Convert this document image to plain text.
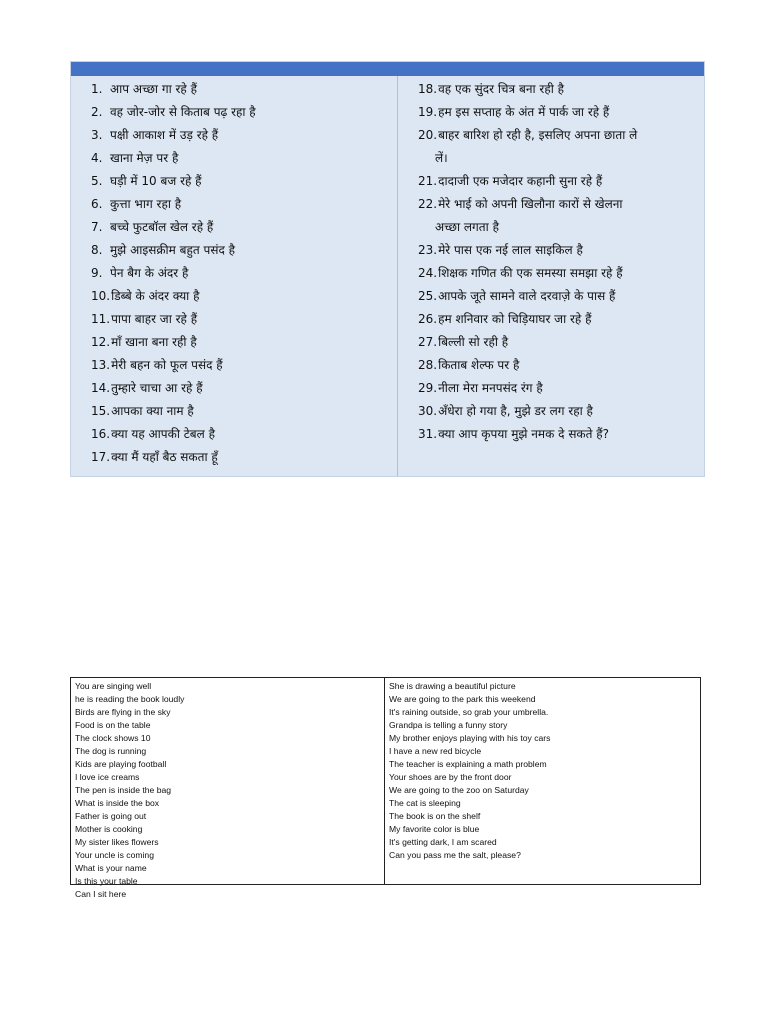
1. आप अच्छा गा रहे हैं
2. वह जोर-जोर से किताब पढ़ रहा है
3. पक्षी आकाश में उड़ रहे हैं
4. खाना मेज़ पर है
5. घड़ी में 10 बज रहे हैं
6. कुत्ता भाग रहा है
7. बच्चे फुटबॉल खेल रहे हैं
8. मुझे आइसक्रीम बहुत पसंद है
9. पेन बैग के अंदर है
10. डिब्बे के अंदर क्या है
11. पापा बाहर जा रहे हैं
12. माँ खाना बना रही है
13. मेरी बहन को फूल पसंद हैं
14. तुम्हारे चाचा आ रहे हैं
15. आपका क्या नाम है
16. क्या यह आपकी टेबल है
17. क्या मैं यहाँ बैठ सकता हूँ
18. वह एक सुंदर चित्र बना रही है
19. हम इस सप्ताह के अंत में पार्क जा रहे हैं
20. बाहर बारिश हो रही है, इसलिए अपना छाता ले
लें।
21. दादाजी एक मजेदार कहानी सुना रहे हैं
22. मेरे भाई को अपनी खिलौना कारों से खेलना
अच्छा लगता है
23. मेरे पास एक नई लाल साइकिल है
24. शिक्षक गणित की एक समस्या समझा रहे हैं
25. आपके जूते सामने वाले दरवाज़े के पास हैं
26. हम शनिवार को चिड़ियाघर जा रहे हैं
27. बिल्ली सो रही है
28. किताब शेल्फ पर है
29. नीला मेरा मनपसंद रंग है
30. अँधेरा हो गया है, मुझे डर लग रहा है
31. क्या आप कृपया मुझे नमक दे सकते हैं?
You are singing well
he is reading the book loudly
Birds are flying in the sky
Food is on the table
The clock shows 10
The dog is running
Kids are playing football
I love ice creams
The pen is inside the bag
What is inside the box
Father is going out
Mother is cooking
My sister likes flowers
Your uncle is coming
What is your name
Is this your table
Can I sit here
She is drawing a beautiful picture
We are going to the park this weekend
It's raining outside, so grab your umbrella.
Grandpa is telling a funny story
My brother enjoys playing with his toy cars
I have a new red bicycle
The teacher is explaining a math problem
Your shoes are by the front door
We are going to the zoo on Saturday
The cat is sleeping
The book is on the shelf
My favorite color is blue
It's getting dark, I am scared
Can you pass me the salt, please?
